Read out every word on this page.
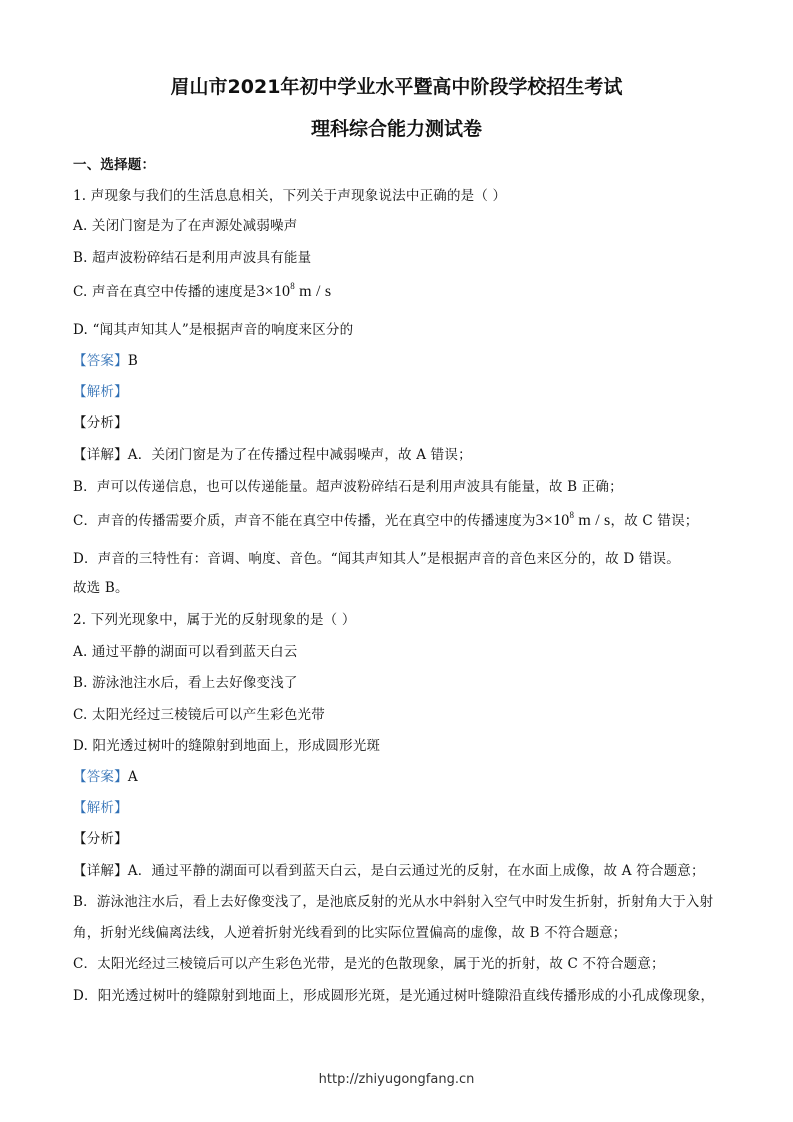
眉山市2021年初中学业水平暨高中阶段学校招生考试
理科综合能力测试卷
一、选择题：
1. 声现象与我们的生活息息相关，下列关于声现象说法中正确的是（ ）
A. 关闭门窗是为了在声源处减弱噪声
B. 超声波粉碎结石是利用声波具有能量
C. 声音在真空中传播的速度是$3\times 10^8$ m / s
D. “闻其声知其人”是根据声音的响度来区分的
【答案】B
【解析】
【分析】
【详解】A．关闭门窗是为了在传播过程中减弱噪声，故 A 错误；
B．声可以传递信息，也可以传递能量。超声波粉碎结石是利用声波具有能量，故 B 正确；
C．声音的传播需要介质，声音不能在真空中传播，光在真空中的传播速度为$3\times 10^8$ m / s，故 C 错误；
D．声音的三特性有：音调、响度、音色。“闻其声知其人”是根据声音的音色来区分的，故 D 错误。
故选 B。
2. 下列光现象中，属于光的反射现象的是（ ）
A. 通过平静的湖面可以看到蓝天白云
B. 游泳池注水后，看上去好像变浅了
C. 太阳光经过三棱镜后可以产生彩色光带
D. 阳光透过树叶的缝隙射到地面上，形成圆形光斑
【答案】A
【解析】
【分析】
【详解】A．通过平静的湖面可以看到蓝天白云，是白云通过光的反射，在水面上成像，故 A 符合题意；
B．游泳池注水后，看上去好像变浅了，是池底反射的光从水中斜射入空气中时发生折射，折射角大于入射
角，折射光线偏离法线，人逆着折射光线看到的比实际位置偏高的虚像，故 B 不符合题意；
C．太阳光经过三棱镜后可以产生彩色光带，是光的色散现象，属于光的折射，故 C 不符合题意；
D．阳光透过树叶的缝隙射到地面上，形成圆形光斑，是光通过树叶缝隙沿直线传播形成的小孔成像现象，
http://zhiyugongfang.cn
